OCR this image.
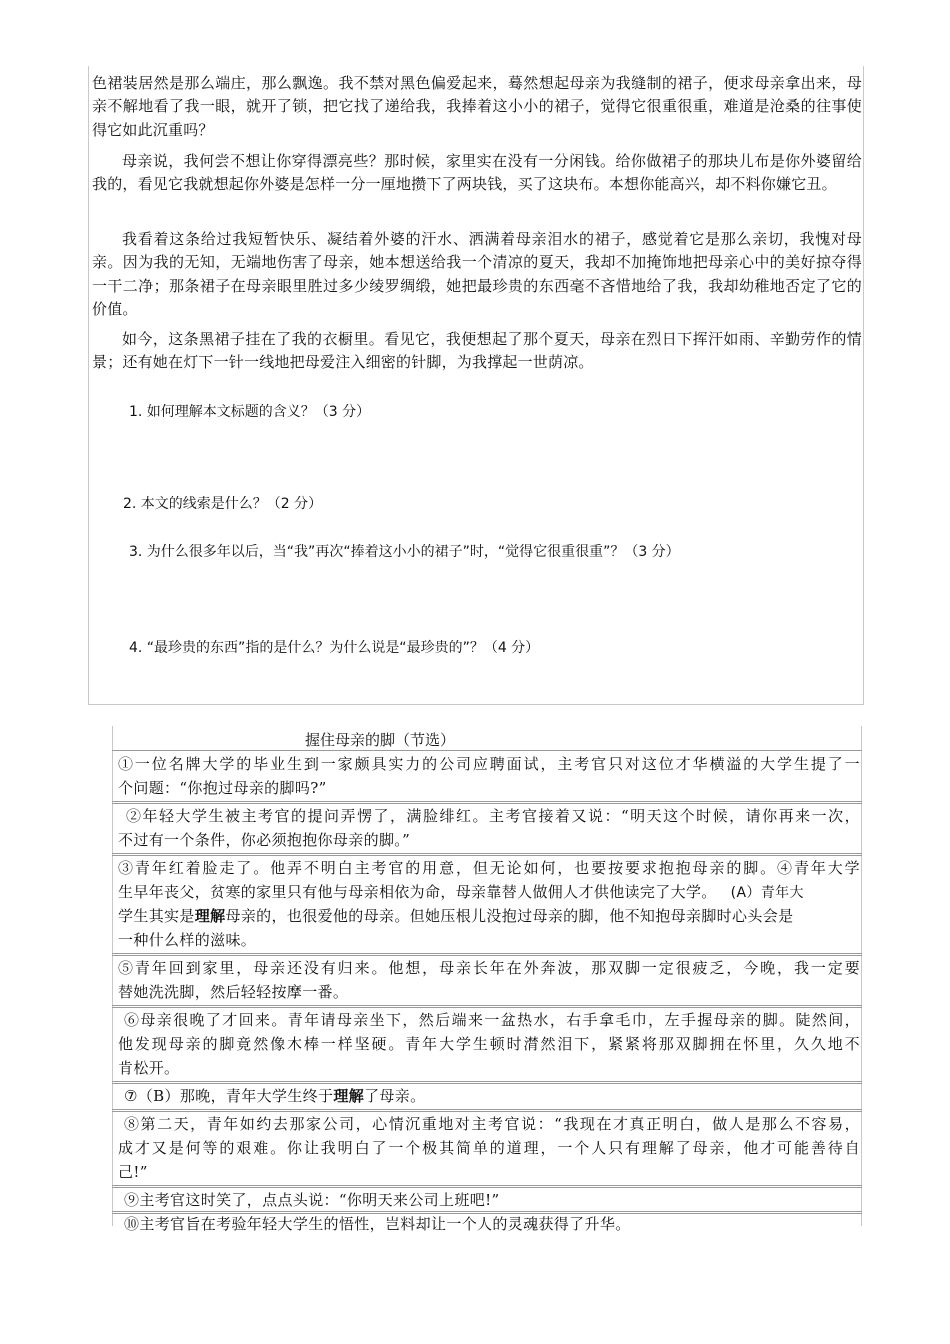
色裙装居然是那么端庄，那么飘逸。我不禁对黑色偏爱起来，蓦然想起母亲为我缝制的裙子，便求母亲拿出来，母亲不解地看了我一眼，就开了锁，把它找了递给我，我捧着这小小的裙子，觉得它很重很重，难道是沧桑的往事使得它如此沉重吗？

母亲说，我何尝不想让你穿得漂亮些？那时候，家里实在没有一分闲钱。给你做裙子的那块儿布是你外婆留给我的，看见它我就想起你外婆是怎样一分一厘地攒下了两块钱，买了这块布。本想你能高兴，却不料你嫌它丑。

我看着这条给过我短暂快乐、凝结着外婆的汗水、洒满着母亲泪水的裙子，感觉着它是那么亲切，我愧对母亲。因为我的无知，无端地伤害了母亲，她本想送给我一个清凉的夏天，我却不加掩饰地把母亲心中的美好掠夺得一干二净；那条裙子在母亲眼里胜过多少绫罗绸缎，她把最珍贵的东西毫不吝惜地给了我，我却幼稚地否定了它的价值。

如今，这条黑裙子挂在了我的衣橱里。看见它，我便想起了那个夏天，母亲在烈日下挥汗如雨、辛勤劳作的情景；还有她在灯下一针一线地把母爱注入细密的针脚，为我撑起一世荫凉。

1. 如何理解本文标题的含义？（3 分）
2. 本文的线索是什么？（2 分）
3. 为什么很多年以后，当“我”再次“捧着这小小的裙子”时，“觉得它很重很重”？（3 分）
4. “最珍贵的东西”指的是什么？为什么说是“最珍贵的”？（4 分）
握住母亲的脚（节选）
①一位名牌大学的毕业生到一家颇具实力的公司应聘面试，主考官只对这位才华横溢的大学生提了一
个问题：“你抱过母亲的脚吗?”
②年轻大学生被主考官的提问弄愣了，满脸绯红。主考官接着又说：“明天这个时候，请你再来一次，
不过有一个条件，你必须抱抱你母亲的脚。”
③青年红着脸走了。他弄不明白主考官的用意，但无论如何，也要按要求抱抱母亲的脚。④青年大学
生早年丧父，贫寒的家里只有他与母亲相依为命，母亲靠替人做佣人才供他读完了大学。 (A）青年大
学生其实是理解母亲的，也很爱他的母亲。但她压根儿没抱过母亲的脚，他不知抱母亲脚时心头会是
一种什么样的滋味。
⑤青年回到家里，母亲还没有归来。他想，母亲长年在外奔波，那双脚一定很疲乏，今晚，我一定要
替她洗洗脚，然后轻轻按摩一番。
⑥母亲很晚了才回来。青年请母亲坐下，然后端来一盆热水，右手拿毛巾，左手握母亲的脚。陡然间，
他发现母亲的脚竟然像木棒一样坚硬。青年大学生顿时潸然泪下，紧紧将那双脚拥在怀里，久久地不
肯松开。
⑦（B）那晚，青年大学生终于理解了母亲。
⑧第二天，青年如约去那家公司，心情沉重地对主考官说：“我现在才真正明白，做人是那么不容易，
成才又是何等的艰难。你让我明白了一个极其简单的道理，一个人只有理解了母亲，他才可能善待自
己!”
⑨主考官这时笑了，点点头说：“你明天来公司上班吧!”
⑩主考官旨在考验年轻大学生的悟性，岂料却让一个人的灵魂获得了升华。
